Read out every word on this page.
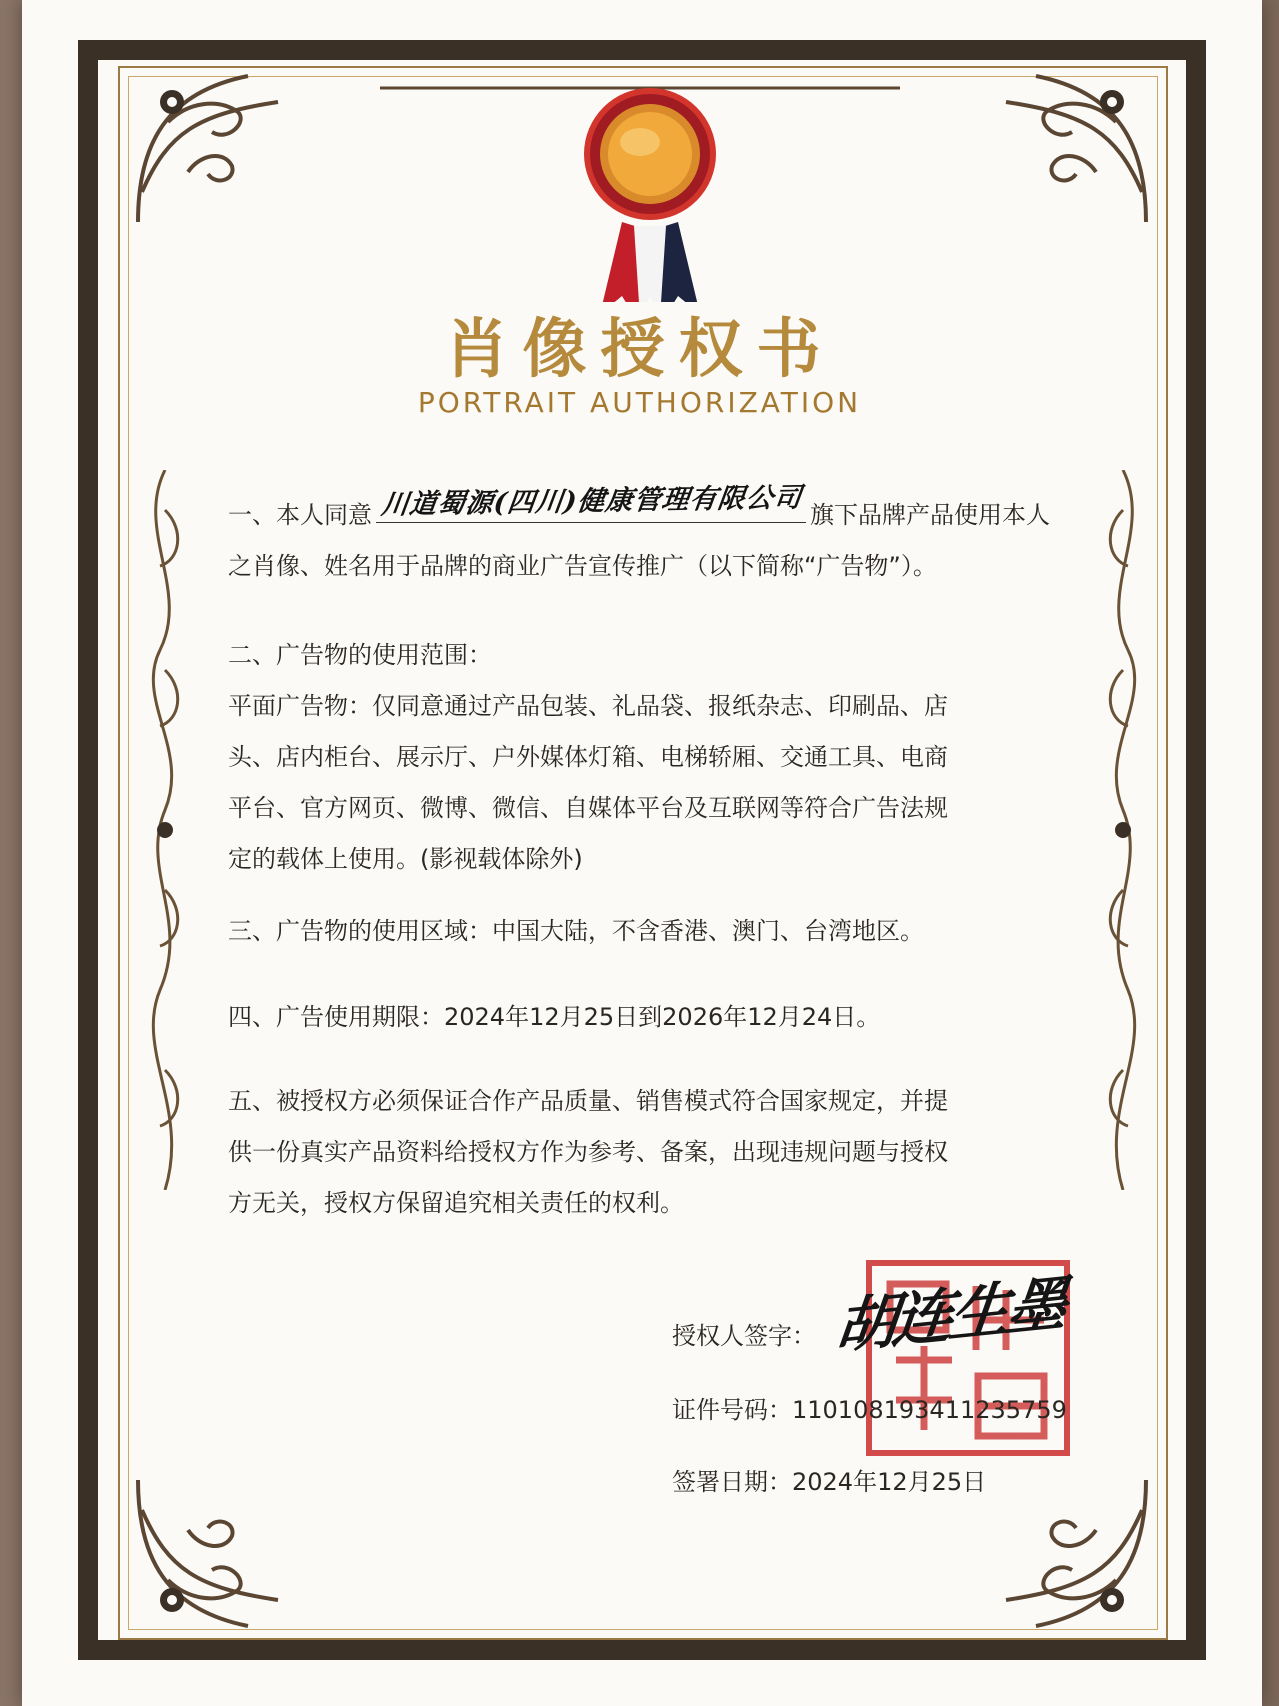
肖像授权书
PORTRAIT AUTHORIZATION

一、本人同意 川道蜀源(四川)健康管理有限公司 旗下品牌产品使用本人

之肖像、姓名用于品牌的商业广告宣传推广（以下简称“广告物”）。

二、广告物的使用范围：

平面广告物：仅同意通过产品包装、礼品袋、报纸杂志、印刷品、店

头、店内柜台、展示厅、户外媒体灯箱、电梯轿厢、交通工具、电商

平台、官方网页、微博、微信、自媒体平台及互联网等符合广告法规

定的载体上使用。(影视载体除外)

三、广告物的使用区域：中国大陆，不含香港、澳门、台湾地区。

四、广告使用期限：2024年12月25日到2026年12月24日。

五、被授权方必须保证合作产品质量、销售模式符合国家规定，并提

供一份真实产品资料给授权方作为参考、备案，出现违规问题与授权

方无关，授权方保留追究相关责任的权利。

授权人签字： 胡连生墨
证件号码：110108193411235759
签署日期：2024年12月25日
